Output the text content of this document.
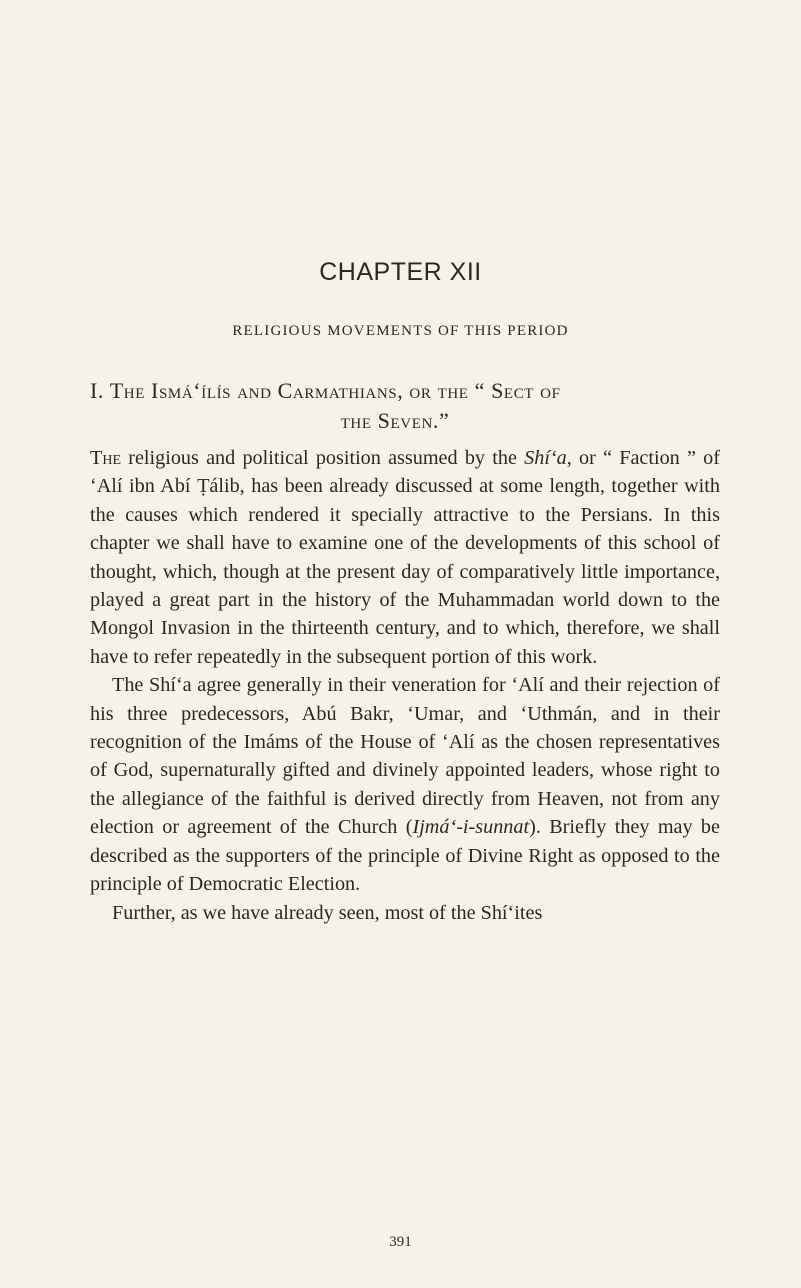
CHAPTER XII
RELIGIOUS MOVEMENTS OF THIS PERIOD
I. The Ismá‘ílís and Carmathians, or the “ Sect of
the Seven.”

The religious and political position assumed by the Shí‘a, or “ Faction ” of ‘Alí ibn Abí Ṭálib, has been already discussed at some length, together with the causes which rendered it specially attractive to the Persians. In this chapter we shall have to examine one of the developments of this school of thought, which, though at the present day of comparatively little importance, played a great part in the history of the Muhammadan world down to the Mongol Invasion in the thirteenth century, and to which, therefore, we shall have to refer repeatedly in the subsequent portion of this work.

The Shí‘a agree generally in their veneration for ‘Alí and their rejection of his three predecessors, Abú Bakr, ‘Umar, and ‘Uthmán, and in their recognition of the Imáms of the House of ‘Alí as the chosen representatives of God, supernaturally gifted and divinely appointed leaders, whose right to the allegiance of the faithful is derived directly from Heaven, not from any election or agreement of the Church (Ijmá‘-i-sunnat). Briefly they may be described as the supporters of the principle of Divine Right as opposed to the principle of Democratic Election.

Further, as we have already seen, most of the Shí‘ites

391
